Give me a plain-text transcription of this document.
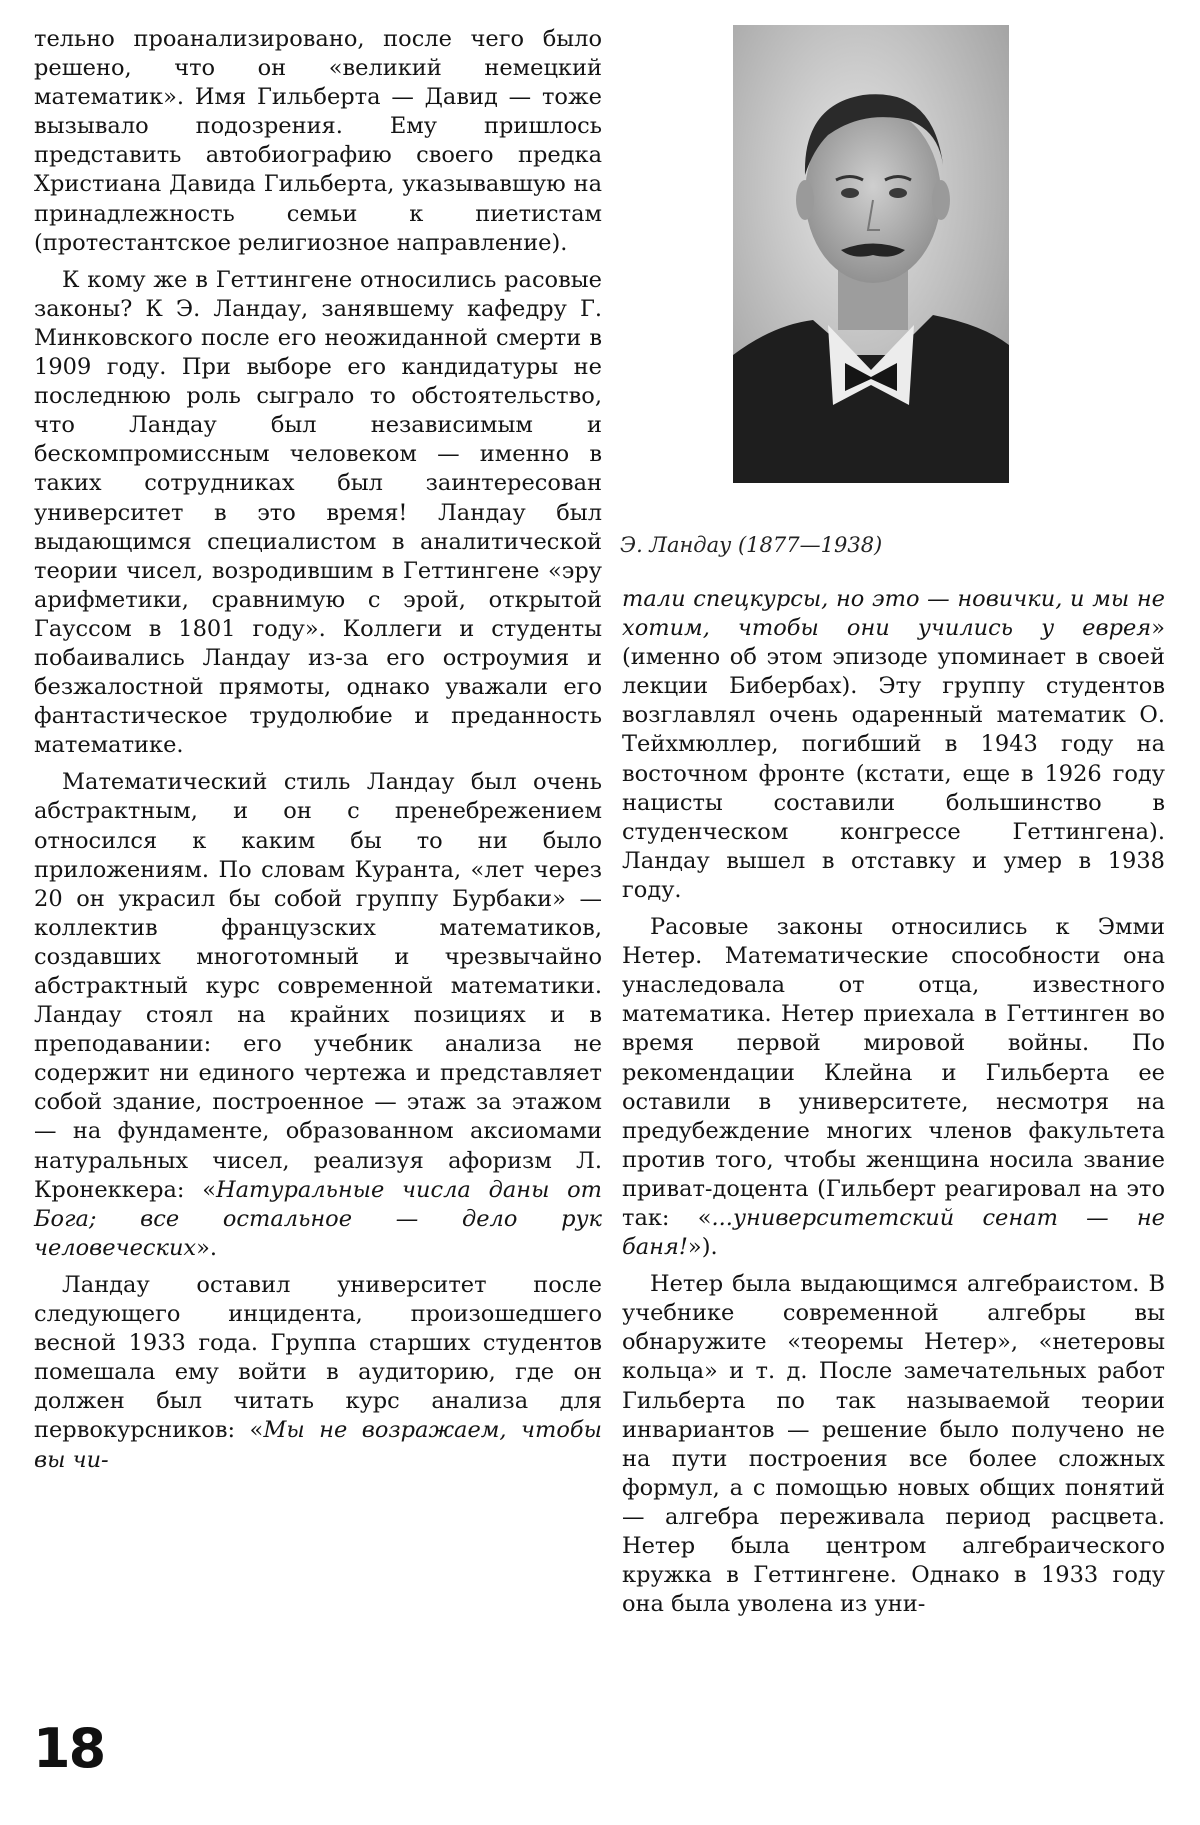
тельно проанализировано, после чего было решено, что он «великий немецкий математик». Имя Гильберта — Давид — тоже вызывало подозрения. Ему пришлось представить автобиографию своего предка Христиана Давида Гильберта, указывавшую на принадлежность семьи к пиетистам (протестантское религиозное направление).

К кому же в Геттингене относились расовые законы? К Э. Ландау, занявшему кафедру Г. Минковского после его неожиданной смерти в 1909 году. При выборе его кандидатуры не последнюю роль сыграло то обстоятельство, что Ландау был независимым и бескомпромиссным человеком — именно в таких сотрудниках был заинтересован университет в это время! Ландау был выдающимся специалистом в аналитической теории чисел, возродившим в Геттингене «эру арифметики, сравнимую с эрой, открытой Гауссом в 1801 году». Коллеги и студенты побаивались Ландау из-за его остроумия и безжалостной прямоты, однако уважали его фантастическое трудолюбие и преданность математике.

Математический стиль Ландау был очень абстрактным, и он с пренебрежением относился к каким бы то ни было приложениям. По словам Куранта, «лет через 20 он украсил бы собой группу Бурбаки» — коллектив французских математиков, создавших многотомный и чрезвычайно абстрактный курс современной математики. Ландау стоял на крайних позициях и в преподавании: его учебник анализа не содержит ни единого чертежа и представляет собой здание, построенное — этаж за этажом — на фундаменте, образованном аксиомами натуральных чисел, реализуя афоризм Л. Кронеккера: «Натуральные числа даны от Бога; все остальное — дело рук человеческих».

Ландау оставил университет после следующего инцидента, произошедшего весной 1933 года. Группа старших студентов помешала ему войти в аудиторию, где он должен был читать курс анализа для первокурсников: «Мы не возражаем, чтобы вы чи-

Э. Ландау (1877—1938)

тали спецкурсы, но это — новички, и мы не хотим, чтобы они учились у еврея» (именно об этом эпизоде упоминает в своей лекции Бибербах). Эту группу студентов возглавлял очень одаренный математик О. Тейхмюллер, погибший в 1943 году на восточном фронте (кстати, еще в 1926 году нацисты составили большинство в студенческом конгрессе Геттингена). Ландау вышел в отставку и умер в 1938 году.

Расовые законы относились к Эмми Нетер. Математические способности она унаследовала от отца, известного математика. Нетер приехала в Геттинген во время первой мировой войны. По рекомендации Клейна и Гильберта ее оставили в университете, несмотря на предубеждение многих членов факультета против того, чтобы женщина носила звание приват-доцента (Гильберт реагировал на это так: «...университетский сенат — не баня!»).

Нетер была выдающимся алгебраистом. В учебнике современной алгебры вы обнаружите «теоремы Нетер», «нетеровы кольца» и т. д. После замечательных работ Гильберта по так называемой теории инвариантов — решение было получено не на пути построения все более сложных формул, а с помощью новых общих понятий — алгебра переживала период расцвета. Нетер была центром алгебраического кружка в Геттингене. Однако в 1933 году она была уволена из уни-

18
